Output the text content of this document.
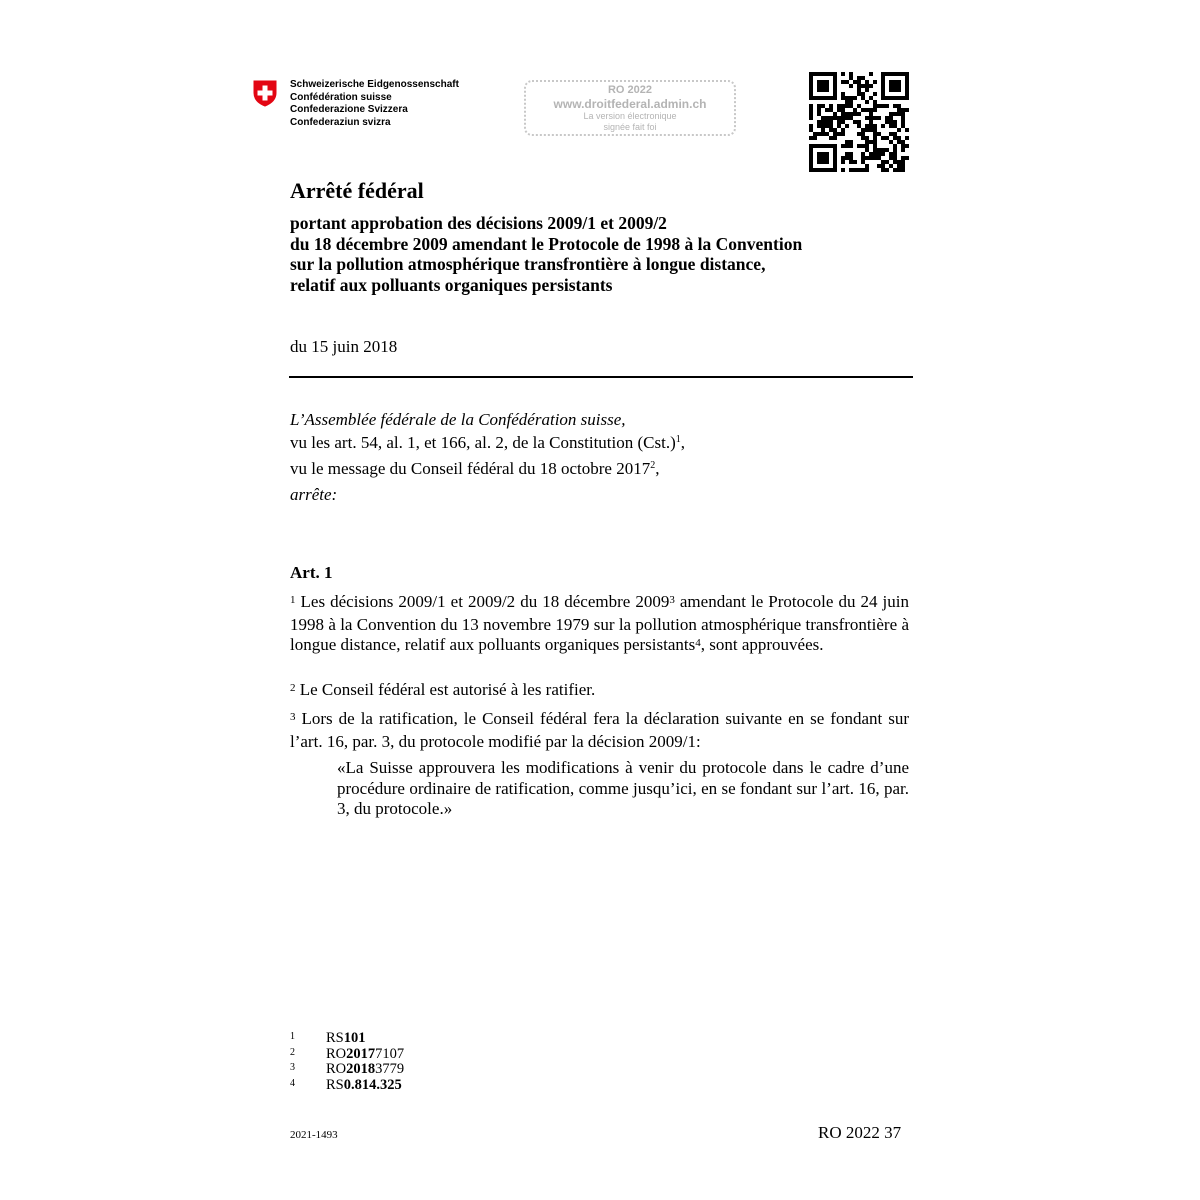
Schweizerische Eidgenossenschaft
Confédération suisse
Confederazione Svizzera
Confederaziun svizra
RO 2022
www.droitfederal.admin.ch
La version électronique
signée fait foi
Arrêté fédéral
portant approbation des décisions 2009/1 et 2009/2
du 18 décembre 2009 amendant le Protocole de 1998 à la Convention
sur la pollution atmosphérique transfrontière à longue distance,
relatif aux polluants organiques persistants
du 15 juin 2018
L’Assemblée fédérale de la Confédération suisse,
vu les art. 54, al. 1, et 166, al. 2, de la Constitution $(Cst.)^1$,
vu le message du Conseil fédéral du 18 octobre 2017$^2$,
arrête:
Art. 1
$^1$ Les décisions 2009/1 et 2009/2 du 18 décembre 2009$^3$ amendant le Protocole du 24 juin 1998 à la Convention du 13 novembre 1979 sur la pollution atmosphérique transfrontière à longue distance, relatif aux polluants organiques persistants$^4$, sont approuvées.
$^2$ Le Conseil fédéral est autorisé à les ratifier.
$^3$ Lors de la ratification, le Conseil fédéral fera la déclaration suivante en se fondant sur l’art. 16, par. 3, du protocole modifié par la décision 2009/1:
«La Suisse approuvera les modifications à venir du protocole dans le cadre d’une procédure ordinaire de ratification, comme jusqu’ici, en se fondant sur l’art. 16, par. 3, du protocole.»
1	RS 101
2	RO 2017 7107
3	RO 2018 3779
4	RS 0.814.325
2021-1493	RO 2022 37
